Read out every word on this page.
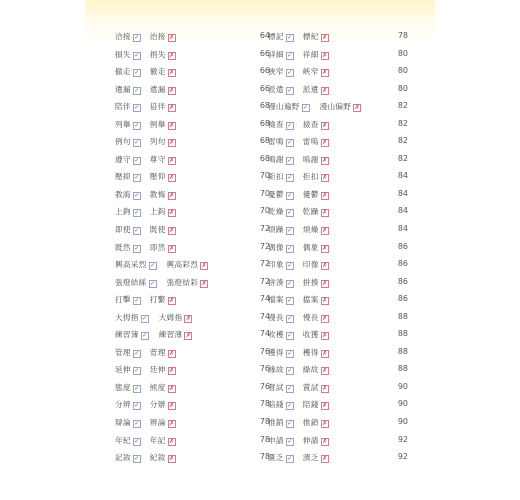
洽接 ✓ 治接 ✗	64
損失 ✓ 捐失 ✗	66
撤走 ✓ 徹走 ✗	66
遺漏 ✓ 遣漏 ✗	66
陪伴 ✓ 倍伴 ✗	68
列舉 ✓ 例舉 ✗	68
例句 ✓ 列句 ✗	68
遵守 ✓ 尊守 ✗	68
壓抑 ✓ 壓仰 ✗	70
教誨 ✓ 教悔 ✗	70
上鉤 ✓ 上鈎 ✗	70
即使 ✓ 既使 ✗	72
既然 ✓ 即然 ✗	72
興高采烈 ✓ 興高彩烈 ✗	72
張燈結綵 ✓ 張燈結彩 ✗	72
打擊 ✓ 打繫 ✗	74
大拇指 ✓ 大姆指 ✗	74
練習簿 ✓ 練習薄 ✗	74
管理 ✓ 菅理 ✗	76
延伸 ✓ 廷伸 ✗	76
態度 ✓ 熊度 ✗	76
分辨 ✓ 分辦 ✗	78
辯論 ✓ 辨論 ✗	78
年紀 ✓ 年記 ✗	78
記敘 ✓ 紀敘 ✗	78
標記 ✓ 標紀 ✗	78
詳細 ✓ 祥細 ✗	80
狹窄 ✓ 峽窄 ✗	80
派遣 ✓ 派遺 ✗	80
漫山遍野 ✓ 漫山偏野 ✗	82
檢查 ✓ 撿查 ✗	82
雷鳴 ✓ 雷嗚 ✗	82
鳴謝 ✓ 嗚謝 ✗	82
鉅扣 ✓ 拒扣 ✗	84
憂鬱 ✓ 優鬱 ✗	84
乾燥 ✓ 乾躁 ✗	84
煩躁 ✓ 煩燥 ✗	84
偶像 ✓ 偶象 ✗	86
印象 ✓ 印像 ✗	86
拼湊 ✓ 拼揍 ✗	86
檔案 ✓ 擋案 ✗	86
漫長 ✓ 慢長 ✗	88
收穫 ✓ 收獲 ✗	88
獲得 ✓ 穫得 ✗	88
緣故 ✓ 綠故 ✗	88
嘗試 ✓ 賞試 ✗	90
賠錢 ✓ 陪錢 ✗	90
推銷 ✓ 推鎖 ✗	90
申請 ✓ 伸請 ✗	92
匱乏 ✓ 潰乏 ✗	92
